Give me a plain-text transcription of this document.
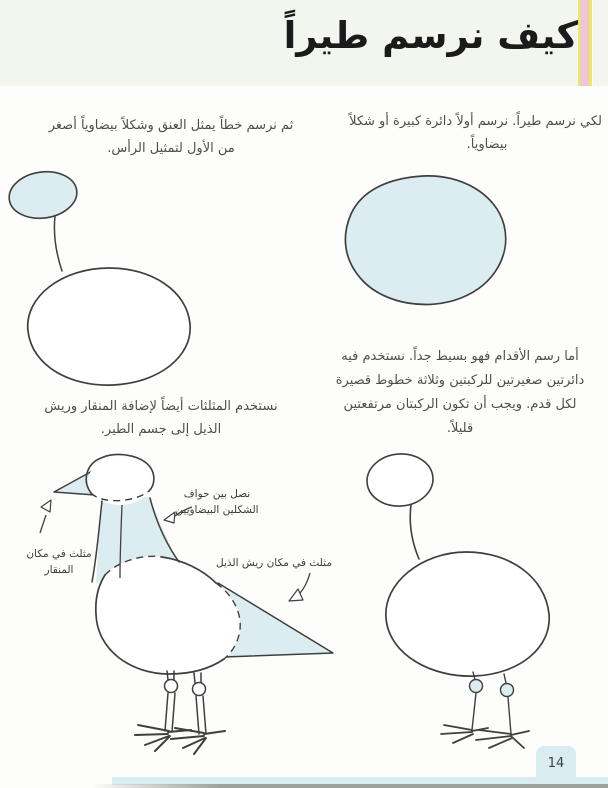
كيف نرسم طيراً
لكي نرسم طيراً. نرسم أولاً دائرة كبيرة أو شكلاً
بيضاوياً.
ثم نرسم خطاً يمثل العنق وشكلاً بيضاوياً أصغر
من الأول لتمثيل الرأس.
نستخدم المثلثات أيضاً لإضافة المنقار وريش
الذيل إلى جسم الطير.
أما رسم الأقدام فهو بسيط جداً. نستخدم فيه
دائرتين صغيرتين للركبتين وثلاثة خطوط قصيرة
لكل قدم. ويجب أن تكون الركبتان مرتفعتين
قليلاً.
نصل بين حواف
الشكلين البيضاويين
مثلث في مكان
المنقار
مثلث في مكان ريش الذيل
14
